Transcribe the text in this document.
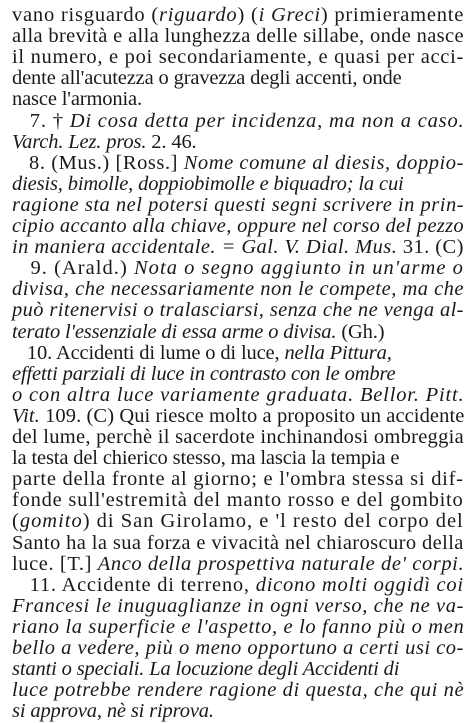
vano risguardo (riguardo) (i Greci) primieramente
alla brevità e alla lunghezza delle sillabe, onde nasce
il numero, e poi secondariamente, e quasi per acci-
dente all'acutezza o gravezza degli accenti, onde
nasce l'armonia.
7. † Di cosa detta per incidenza, ma non a caso.
Varch. Lez. pros. 2. 46.
8. (Mus.) [Ross.] Nome comune al diesis, doppio-
diesis, bimolle, doppiobimolle e biquadro; la cui
ragione sta nel potersi questi segni scrivere in prin-
cipio accanto alla chiave, oppure nel corso del pezzo
in maniera accidentale. = Gal. V. Dial. Mus. 31. (C)
9. (Arald.) Nota o segno aggiunto in un'arme o
divisa, che necessariamente non le compete, ma che
può ritenervisi o tralasciarsi, senza che ne venga al-
terato l'essenziale di essa arme o divisa. (Gh.)
10. Accidenti di lume o di luce, nella Pittura,
effetti parziali di luce in contrasto con le ombre
o con altra luce variamente graduata. Bellor. Pitt.
Vit. 109. (C) Qui riesce molto a proposito un accidente
del lume, perchè il sacerdote inchinandosi ombreggia
la testa del chierico stesso, ma lascia la tempia e
parte della fronte al giorno; e l'ombra stessa si dif-
fonde sull'estremità del manto rosso e del gombito
(gomito) di San Girolamo, e 'l resto del corpo del
Santo ha la sua forza e vivacità nel chiaroscuro della
luce. [T.] Anco della prospettiva naturale de' corpi.
11. Accidente di terreno, dicono molti oggidì coi
Francesi le inuguaglianze in ogni verso, che ne va-
riano la superficie e l'aspetto, e lo fanno più o men
bello a vedere, più o meno opportuno a certi usi co-
stanti o speciali. La locuzione degli Accidenti di
luce potrebbe rendere ragione di questa, che qui nè
si approva, nè si riprova.
